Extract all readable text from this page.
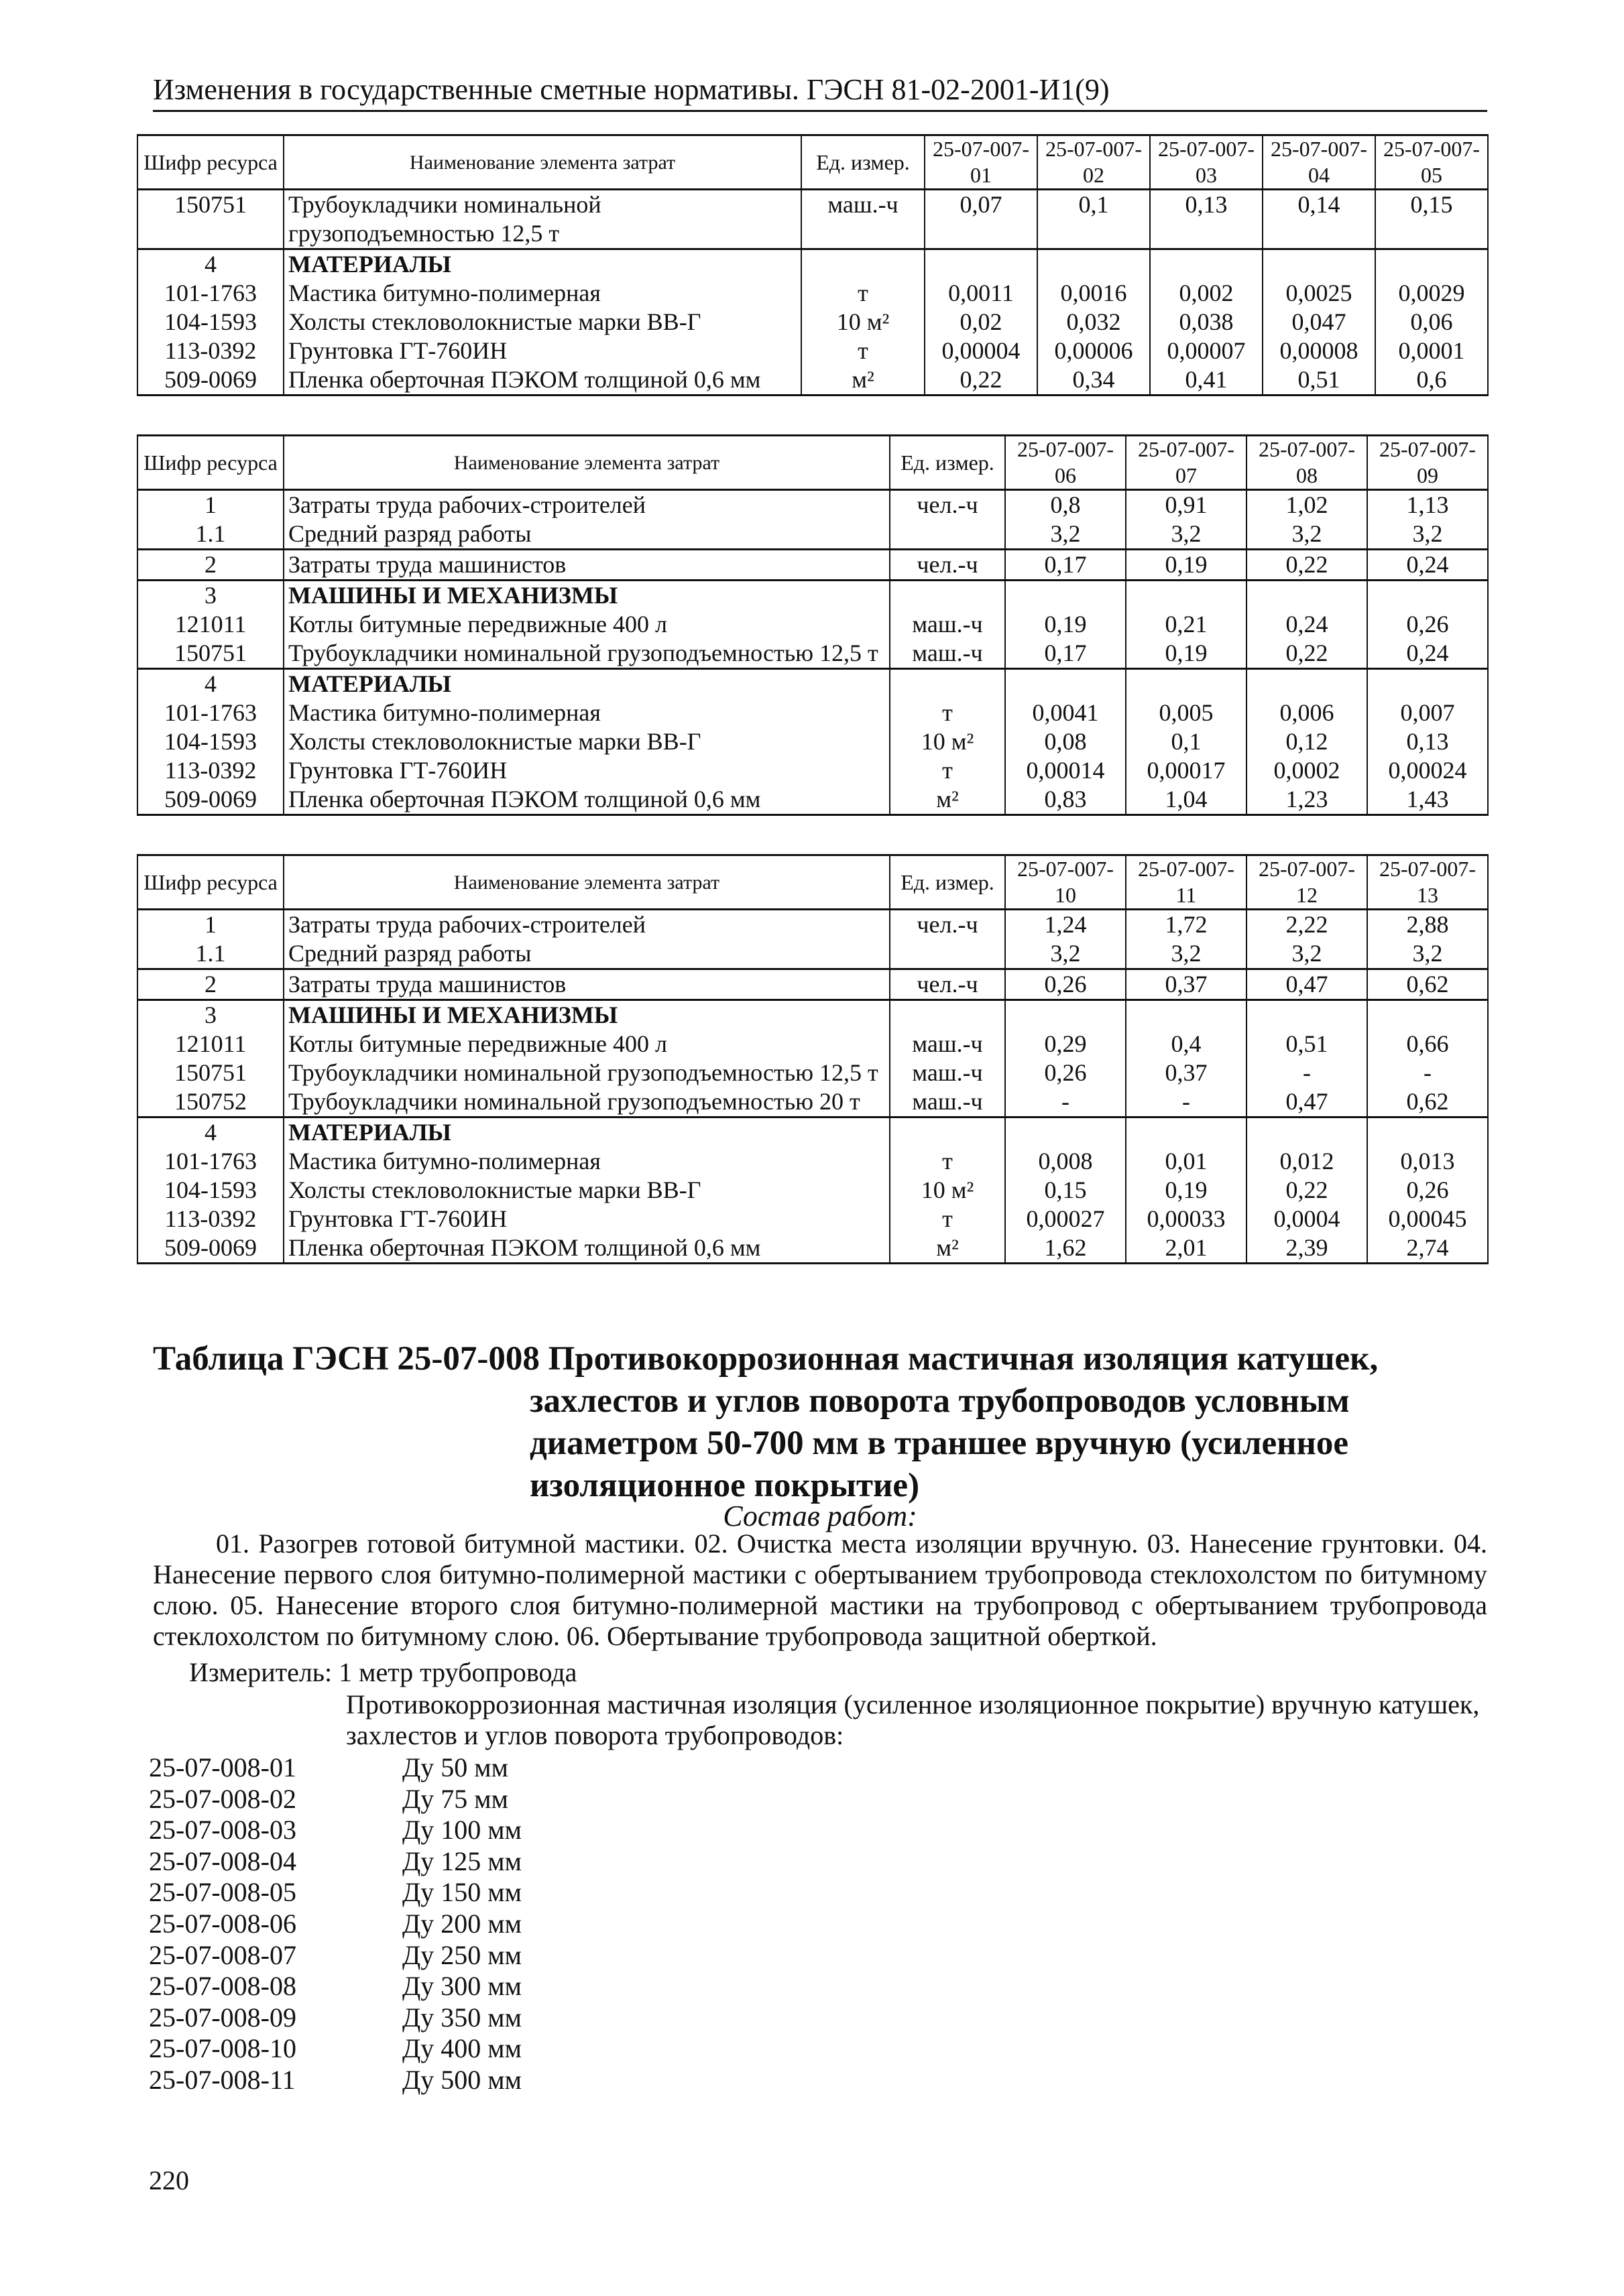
Изменения в государственные сметные нормативы. ГЭСН 81-02-2001-И1(9)
Шифр ресурса	Наименование элемента затрат	Ед. измер.	25-07-007-01	25-07-007-02	25-07-007-03	25-07-007-04	25-07-007-05
150751	Трубоукладчики номинальной грузоподъемностью 12,5 т	маш.-ч	0,07	0,1	0,13	0,14	0,15
4	МАТЕРИАЛЫ						
101-1763	Мастика битумно-полимерная	т	0,0011	0,0016	0,002	0,0025	0,0029
104-1593	Холсты стекловолокнистые марки ВВ-Г	10 м²	0,02	0,032	0,038	0,047	0,06
113-0392	Грунтовка ГТ-760ИН	т	0,00004	0,00006	0,00007	0,00008	0,0001
509-0069	Пленка оберточная ПЭКОМ толщиной 0,6 мм	м²	0,22	0,34	0,41	0,51	0,6
Шифр ресурса	Наименование элемента затрат	Ед. измер.	25-07-007-06	25-07-007-07	25-07-007-08	25-07-007-09
1	Затраты труда рабочих-строителей	чел.-ч	0,8	0,91	1,02	1,13
1.1	Средний разряд работы		3,2	3,2	3,2	3,2
2	Затраты труда машинистов	чел.-ч	0,17	0,19	0,22	0,24
3	МАШИНЫ И МЕХАНИЗМЫ					
121011	Котлы битумные передвижные 400 л	маш.-ч	0,19	0,21	0,24	0,26
150751	Трубоукладчики номинальной грузоподъемностью 12,5 т	маш.-ч	0,17	0,19	0,22	0,24
4	МАТЕРИАЛЫ					
101-1763	Мастика битумно-полимерная	т	0,0041	0,005	0,006	0,007
104-1593	Холсты стекловолокнистые марки ВВ-Г	10 м²	0,08	0,1	0,12	0,13
113-0392	Грунтовка ГТ-760ИН	т	0,00014	0,00017	0,0002	0,00024
509-0069	Пленка оберточная ПЭКОМ толщиной 0,6 мм	м²	0,83	1,04	1,23	1,43
Шифр ресурса	Наименование элемента затрат	Ед. измер.	25-07-007-10	25-07-007-11	25-07-007-12	25-07-007-13
1	Затраты труда рабочих-строителей	чел.-ч	1,24	1,72	2,22	2,88
1.1	Средний разряд работы		3,2	3,2	3,2	3,2
2	Затраты труда машинистов	чел.-ч	0,26	0,37	0,47	0,62
3	МАШИНЫ И МЕХАНИЗМЫ					
121011	Котлы битумные передвижные 400 л	маш.-ч	0,29	0,4	0,51	0,66
150751	Трубоукладчики номинальной грузоподъемностью 12,5 т	маш.-ч	0,26	0,37	-	-
150752	Трубоукладчики номинальной грузоподъемностью 20 т	маш.-ч	-	-	0,47	0,62
4	МАТЕРИАЛЫ					
101-1763	Мастика битумно-полимерная	т	0,008	0,01	0,012	0,013
104-1593	Холсты стекловолокнистые марки ВВ-Г	10 м²	0,15	0,19	0,22	0,26
113-0392	Грунтовка ГТ-760ИН	т	0,00027	0,00033	0,0004	0,00045
509-0069	Пленка оберточная ПЭКОМ толщиной 0,6 мм	м²	1,62	2,01	2,39	2,74
Таблица ГЭСН 25-07-008 Противокоррозионная мастичная изоляция катушек,
захлестов и углов поворота трубопроводов условным диаметром 50-700 мм в траншее вручную (усиленное изоляционное покрытие)
Состав работ:

01. Разогрев готовой битумной мастики. 02. Очистка места изоляции вручную. 03. Нанесение грунтовки. 04. Нанесение первого слоя битумно-полимерной мастики с обертыванием трубопровода стеклохолстом по битумному слою. 05. Нанесение второго слоя битумно-полимерной мастики на трубопровод с обертыванием трубопровода стеклохолстом по битумному слою. 06. Обертывание трубопровода защитной оберткой.

Измеритель: 1 метр трубопровода
Противокоррозионная мастичная изоляция (усиленное изоляционное покрытие) вручную катушек, захлестов и углов поворота трубопроводов:
25-07-008-01	Ду 50 мм
25-07-008-02	Ду 75 мм
25-07-008-03	Ду 100 мм
25-07-008-04	Ду 125 мм
25-07-008-05	Ду 150 мм
25-07-008-06	Ду 200 мм
25-07-008-07	Ду 250 мм
25-07-008-08	Ду 300 мм
25-07-008-09	Ду 350 мм
25-07-008-10	Ду 400 мм
25-07-008-11	Ду 500 мм
220
